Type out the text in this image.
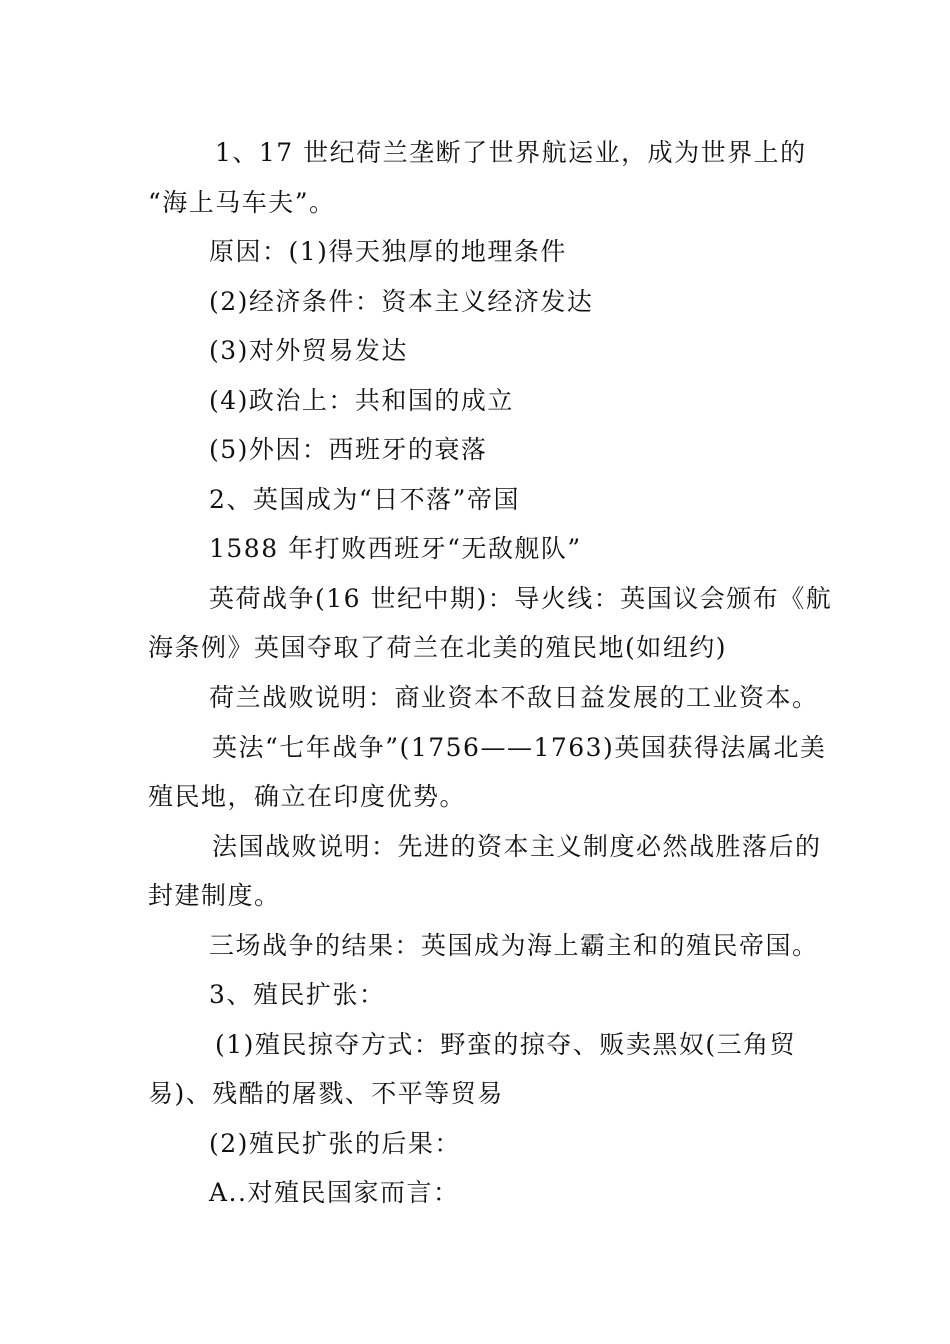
1、17 世纪荷兰垄断了世界航运业，成为世界上的

“海上马车夫”。

原因：(1)得天独厚的地理条件

(2)经济条件：资本主义经济发达

(3)对外贸易发达

(4)政治上：共和国的成立

(5)外因：西班牙的衰落

2、英国成为“日不落”帝国

1588 年打败西班牙“无敌舰队”

英荷战争(16 世纪中期)：导火线：英国议会颁布《航

海条例》英国夺取了荷兰在北美的殖民地(如纽约)

荷兰战败说明：商业资本不敌日益发展的工业资本。

英法“七年战争”(1756——1763)英国获得法属北美

殖民地，确立在印度优势。

法国战败说明：先进的资本主义制度必然战胜落后的

封建制度。

三场战争的结果：英国成为海上霸主和的殖民帝国。

3、殖民扩张：

(1)殖民掠夺方式：野蛮的掠夺、贩卖黑奴(三角贸

易)、残酷的屠戮、不平等贸易

(2)殖民扩张的后果：

A..对殖民国家而言：
